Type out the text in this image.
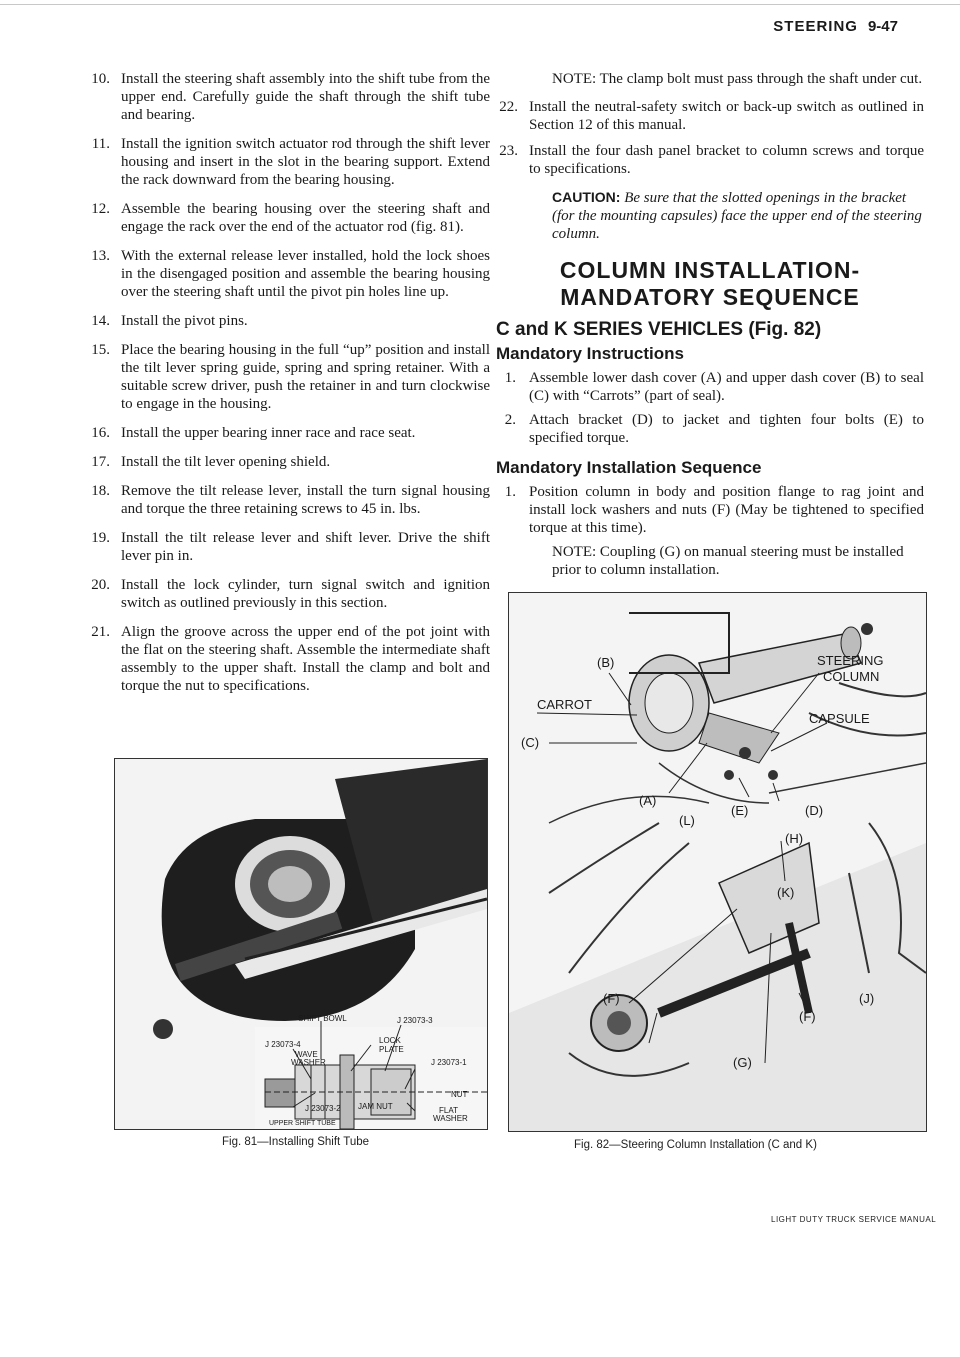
STEERING 9-47
10. Install the steering shaft assembly into the shift tube from the upper end. Carefully guide the shaft through the shift tube and bearing.
11. Install the ignition switch actuator rod through the shift lever housing and insert in the slot in the bearing support. Extend the rack downward from the bearing housing.
12. Assemble the bearing housing over the steering shaft and engage the rack over the end of the actuator rod (fig. 81).
13. With the external release lever installed, hold the lock shoes in the disengaged position and assemble the bearing housing over the steering shaft until the pivot pin holes line up.
14. Install the pivot pins.
15. Place the bearing housing in the full “up” position and install the tilt lever spring guide, spring and spring retainer. With a suitable screw driver, push the retainer in and turn clockwise to engage in the housing.
16. Install the upper bearing inner race and race seat.
17. Install the tilt lever opening shield.
18. Remove the tilt release lever, install the turn signal housing and torque the three retaining screws to 45 in. lbs.
19. Install the tilt release lever and shift lever. Drive the shift lever pin in.
20. Install the lock cylinder, turn signal switch and ignition switch as outlined previously in this section.
21. Align the groove across the upper end of the pot joint with the flat on the steering shaft. Assemble the intermediate shaft assembly to the upper shaft. Install the clamp and bolt and torque the nut to specifications.
NOTE: The clamp bolt must pass through the shaft under cut.
22. Install the neutral-safety switch or back-up switch as outlined in Section 12 of this manual.
23. Install the four dash panel bracket to column screws and torque to specifications.
CAUTION: Be sure that the slotted openings in the bracket (for the mounting capsules) face the upper end of the steering column.
COLUMN INSTALLATION-
MANDATORY SEQUENCE
C and K SERIES VEHICLES (Fig. 82)
Mandatory Instructions
1. Assemble lower dash cover (A) and upper dash cover (B) to seal (C) with “Carrots” (part of seal).
2. Attach bracket (D) to jacket and tighten four bolts (E) to specified torque.
Mandatory Installation Sequence
1. Position column in body and position flange to rag joint and install lock washers and nuts (F) (May be tightened to specified torque at this time).
NOTE: Coupling (G) on manual steering must be installed prior to column installation.
SHIFT BOWL
J 23073-4
J 23073-3
LOCK
PLATE
WAVE
WASHER	J 23073-1
J 23073-2 JAM NUT
NUT
FLAT
WASHER
UPPER SHIFT TUBE
Fig. 81—Installing Shift Tube
(B)
CARROT
(C)
STEERING
COLUMN
CAPSULE
(A)
(L)
(E)	(D)
(H)
(K)
(F)
(F)
(J)
(G)
Fig. 82—Steering Column Installation (C and K)
LIGHT DUTY TRUCK SERVICE MANUAL
